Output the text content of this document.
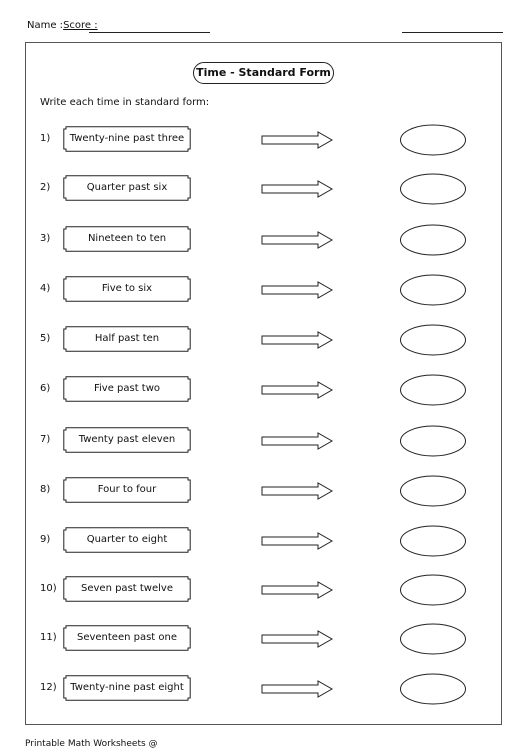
Name :Score :
Time - Standard Form
Write each time in standard form:
1)	Twenty-nine past three
2)	Quarter past six
3)	Nineteen to ten
4)	Five to six
5)	Half past ten
6)	Five past two
7)	Twenty past eleven
8)	Four to four
9)	Quarter to eight
10)	Seven past twelve
11)	Seventeen past one
12)	Twenty-nine past eight
Printable Math Worksheets @
